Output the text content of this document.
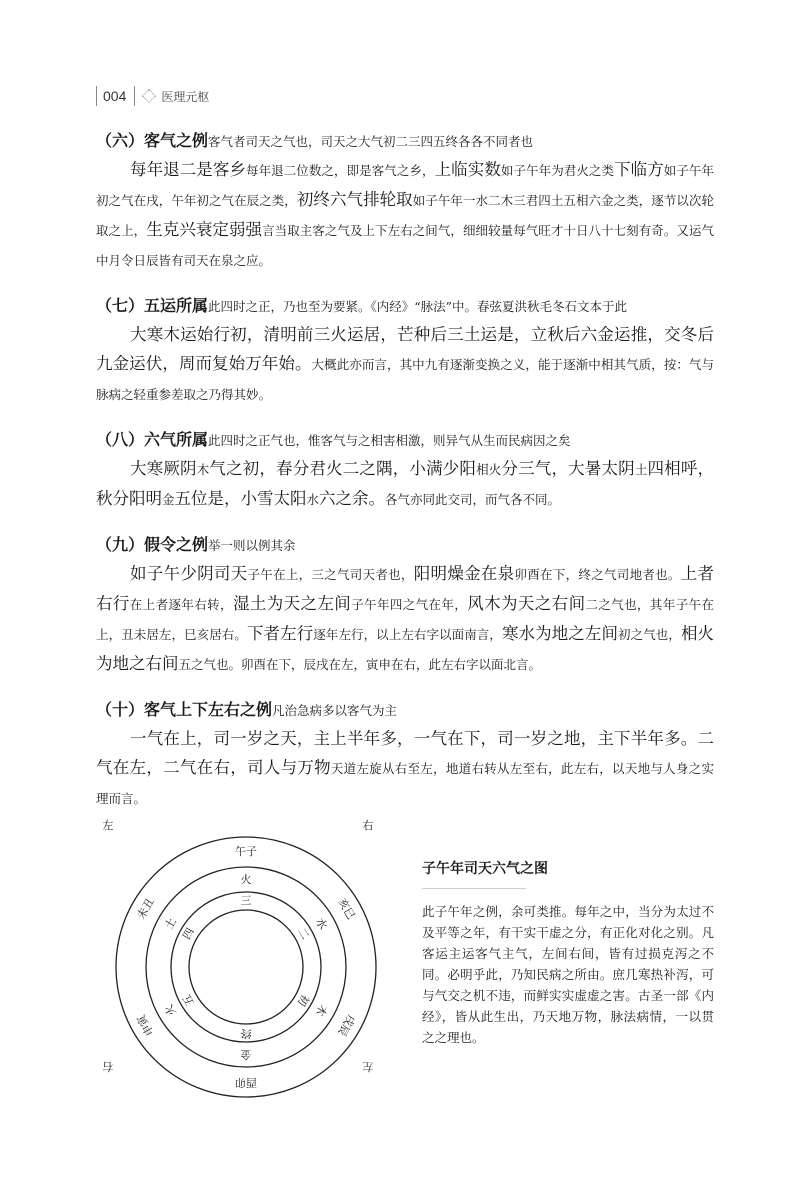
004	医理元枢
（六）客气之例客气者司天之气也，司天之大气初二三四五终各各不同者也

每年退二是客乡每年退二位数之，即是客气之乡，上临实数如子午年为君火之类下临方如子午年初之气在戌，午年初之气在辰之类，初终六气排轮取如子午年一水二木三君四土五相六金之类，逐节以次轮取之上，生克兴衰定弱强言当取主客之气及上下左右之间气，细细较量每气旺才十日八十七刻有奇。又运气中月令日辰皆有司天在泉之应。

（七）五运所属此四时之正，乃也至为要紧。《内经》“脉法”中。春弦夏洪秋毛冬石文本于此

大寒木运始行初，清明前三火运居，芒种后三土运是，立秋后六金运推，交冬后九金运伏，周而复始万年始。大概此亦而言，其中九有逐渐变换之义，能于逐渐中相其气质，按：气与脉病之轻重参差取之乃得其妙。

（八）六气所属此四时之正气也，惟客气与之相害相激，则异气从生而民病因之矣

大寒厥阴木气之初，春分君火二之隅，小满少阳相火分三气，大暑太阴土四相呼，秋分阳明金五位是，小雪太阳水六之余。各气亦同此交司，而气各不同。

（九）假令之例举一则以例其余

如子午少阴司天子午在上，三之气司天者也，阳明燥金在泉卯酉在下，终之气司地者也。上者右行在上者逐年右转，湿土为天之左间子午年四之气在年，风木为天之右间二之气也，其年子午在上，丑未居左，巳亥居右。下者左行逐年左行，以上左右字以面南言，寒水为地之左间初之气也，相火为地之右间五之气也。卯酉在下，辰戌在左，寅申在右，此左右字以面北言。

（十）客气上下左右之例凡治急病多以客气为主

一气在上，司一岁之天，主上半年多，一气在下，司一岁之地，主下半年多。二气在左，二气在右，司人与万物天道左旋从右至左，地道右转从左至右，此左右，以天地与人身之实理而言。

左	右
右	左
午子
未丑	亥巳
申寅	戌辰
酉卯
火
土	水
火	木
金
三
四	二
五	初
终
子午年司天六气之图

此子午年之例，余可类推。每年之中，当分为太过不及平等之年，有干实干虚之分，有正化对化之别。凡客运主运客气主气，左间右间，皆有过损克泻之不同。必明乎此，乃知民病之所由。庶几寒热补泻，可与气交之机不违，而鲜实实虚虚之害。古圣一部《内经》，皆从此生出，乃天地万物，脉法病情，一以贯之之理也。
